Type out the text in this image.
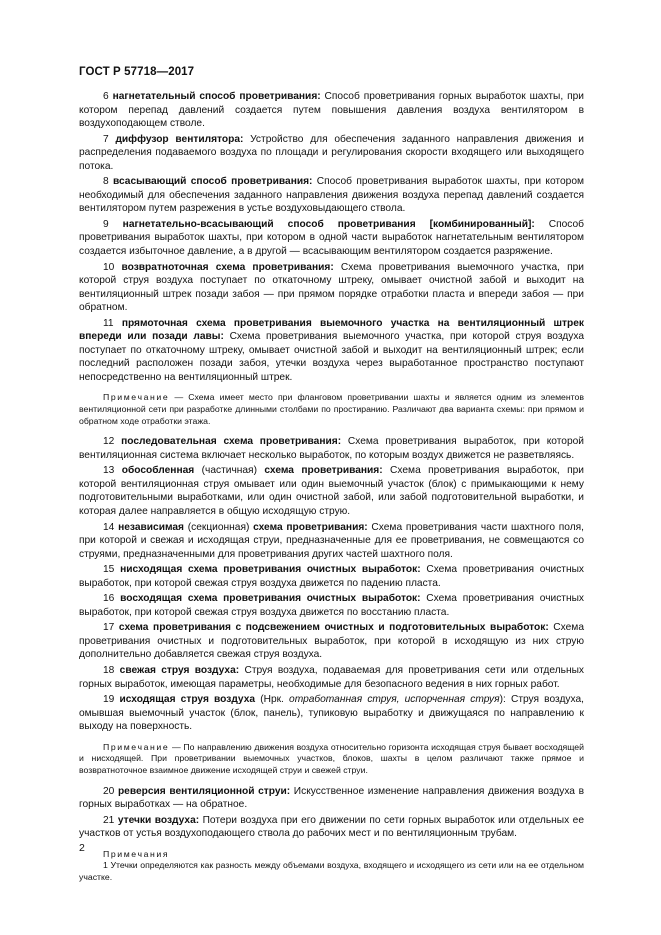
ГОСТ Р 57718—2017

6 нагнетательный способ проветривания: Способ проветривания горных выработок шахты, при котором перепад давлений создается путем повышения давления воздуха вентилятором в воздухоподающем стволе.

7 диффузор вентилятора: Устройство для обеспечения заданного направления движения и распределения подаваемого воздуха по площади и регулирования скорости входящего или выходящего потока.

8 всасывающий способ проветривания: Способ проветривания выработок шахты, при котором необходимый для обеспечения заданного направления движения воздуха перепад давлений создается вентилятором путем разрежения в устье воздуховыдающего ствола.

9 нагнетательно-всасывающий способ проветривания [комбинированный]: Способ проветривания выработок шахты, при котором в одной части выработок нагнетательным вентилятором создается избыточное давление, а в другой — всасывающим вентилятором создается разряжение.

10 возвратноточная схема проветривания: Схема проветривания выемочного участка, при которой струя воздуха поступает по откаточному штреку, омывает очистной забой и выходит на вентиляционный штрек позади забоя — при прямом порядке отработки пласта и впереди забоя — при обратном.

11 прямоточная схема проветривания выемочного участка на вентиляционный штрек впереди или позади лавы: Схема проветривания выемочного участка, при которой струя воздуха поступает по откаточному штреку, омывает очистной забой и выходит на вентиляционный штрек; если последний расположен позади забоя, утечки воздуха через выработанное пространство поступают непосредственно на вентиляционный штрек.

Примечание — Схема имеет место при фланговом проветривании шахты и является одним из элементов вентиляционной сети при разработке длинными столбами по простиранию. Различают два варианта схемы: при прямом и обратном ходе отработки этажа.

12 последовательная схема проветривания: Схема проветривания выработок, при которой вентиляционная система включает несколько выработок, по которым воздух движется не разветвляясь.

13 обособленная (частичная) схема проветривания: Схема проветривания выработок, при которой вентиляционная струя омывает или один выемочный участок (блок) с примыкающими к нему подготовительными выработками, или один очистной забой, или забой подготовительной выработки, и которая далее направляется в общую исходящую струю.

14 независимая (секционная) схема проветривания: Схема проветривания части шахтного поля, при которой и свежая и исходящая струи, предназначенные для ее проветривания, не совмещаются со струями, предназначенными для проветривания других частей шахтного поля.

15 нисходящая схема проветривания очистных выработок: Схема проветривания очистных выработок, при которой свежая струя воздуха движется по падению пласта.

16 восходящая схема проветривания очистных выработок: Схема проветривания очистных выработок, при которой свежая струя воздуха движется по восстанию пласта.

17 схема проветривания с подсвежением очистных и подготовительных выработок: Схема проветривания очистных и подготовительных выработок, при которой в исходящую из них струю дополнительно добавляется свежая струя воздуха.

18 свежая струя воздуха: Струя воздуха, подаваемая для проветривания сети или отдельных горных выработок, имеющая параметры, необходимые для безопасного ведения в них горных работ.

19 исходящая струя воздуха (Нрк. отработанная струя, испорченная струя): Струя воздуха, омывшая выемочный участок (блок, панель), тупиковую выработку и движущаяся по направлению к выходу на поверхность.

Примечание — По направлению движения воздуха относительно горизонта исходящая струя бывает восходящей и нисходящей. При проветривании выемочных участков, блоков, шахты в целом различают также прямое и возвратноточное взаимное движение исходящей струи и свежей струи.

20 реверсия вентиляционной струи: Искусственное изменение направления движения воздуха в горных выработках — на обратное.

21 утечки воздуха: Потери воздуха при его движении по сети горных выработок или отдельных ее участков от устья воздухоподающего ствола до рабочих мест и по вентиляционным трубам.

Примечания
1 Утечки определяются как разность между объемами воздуха, входящего и исходящего из сети или на ее отдельном участке.
2
